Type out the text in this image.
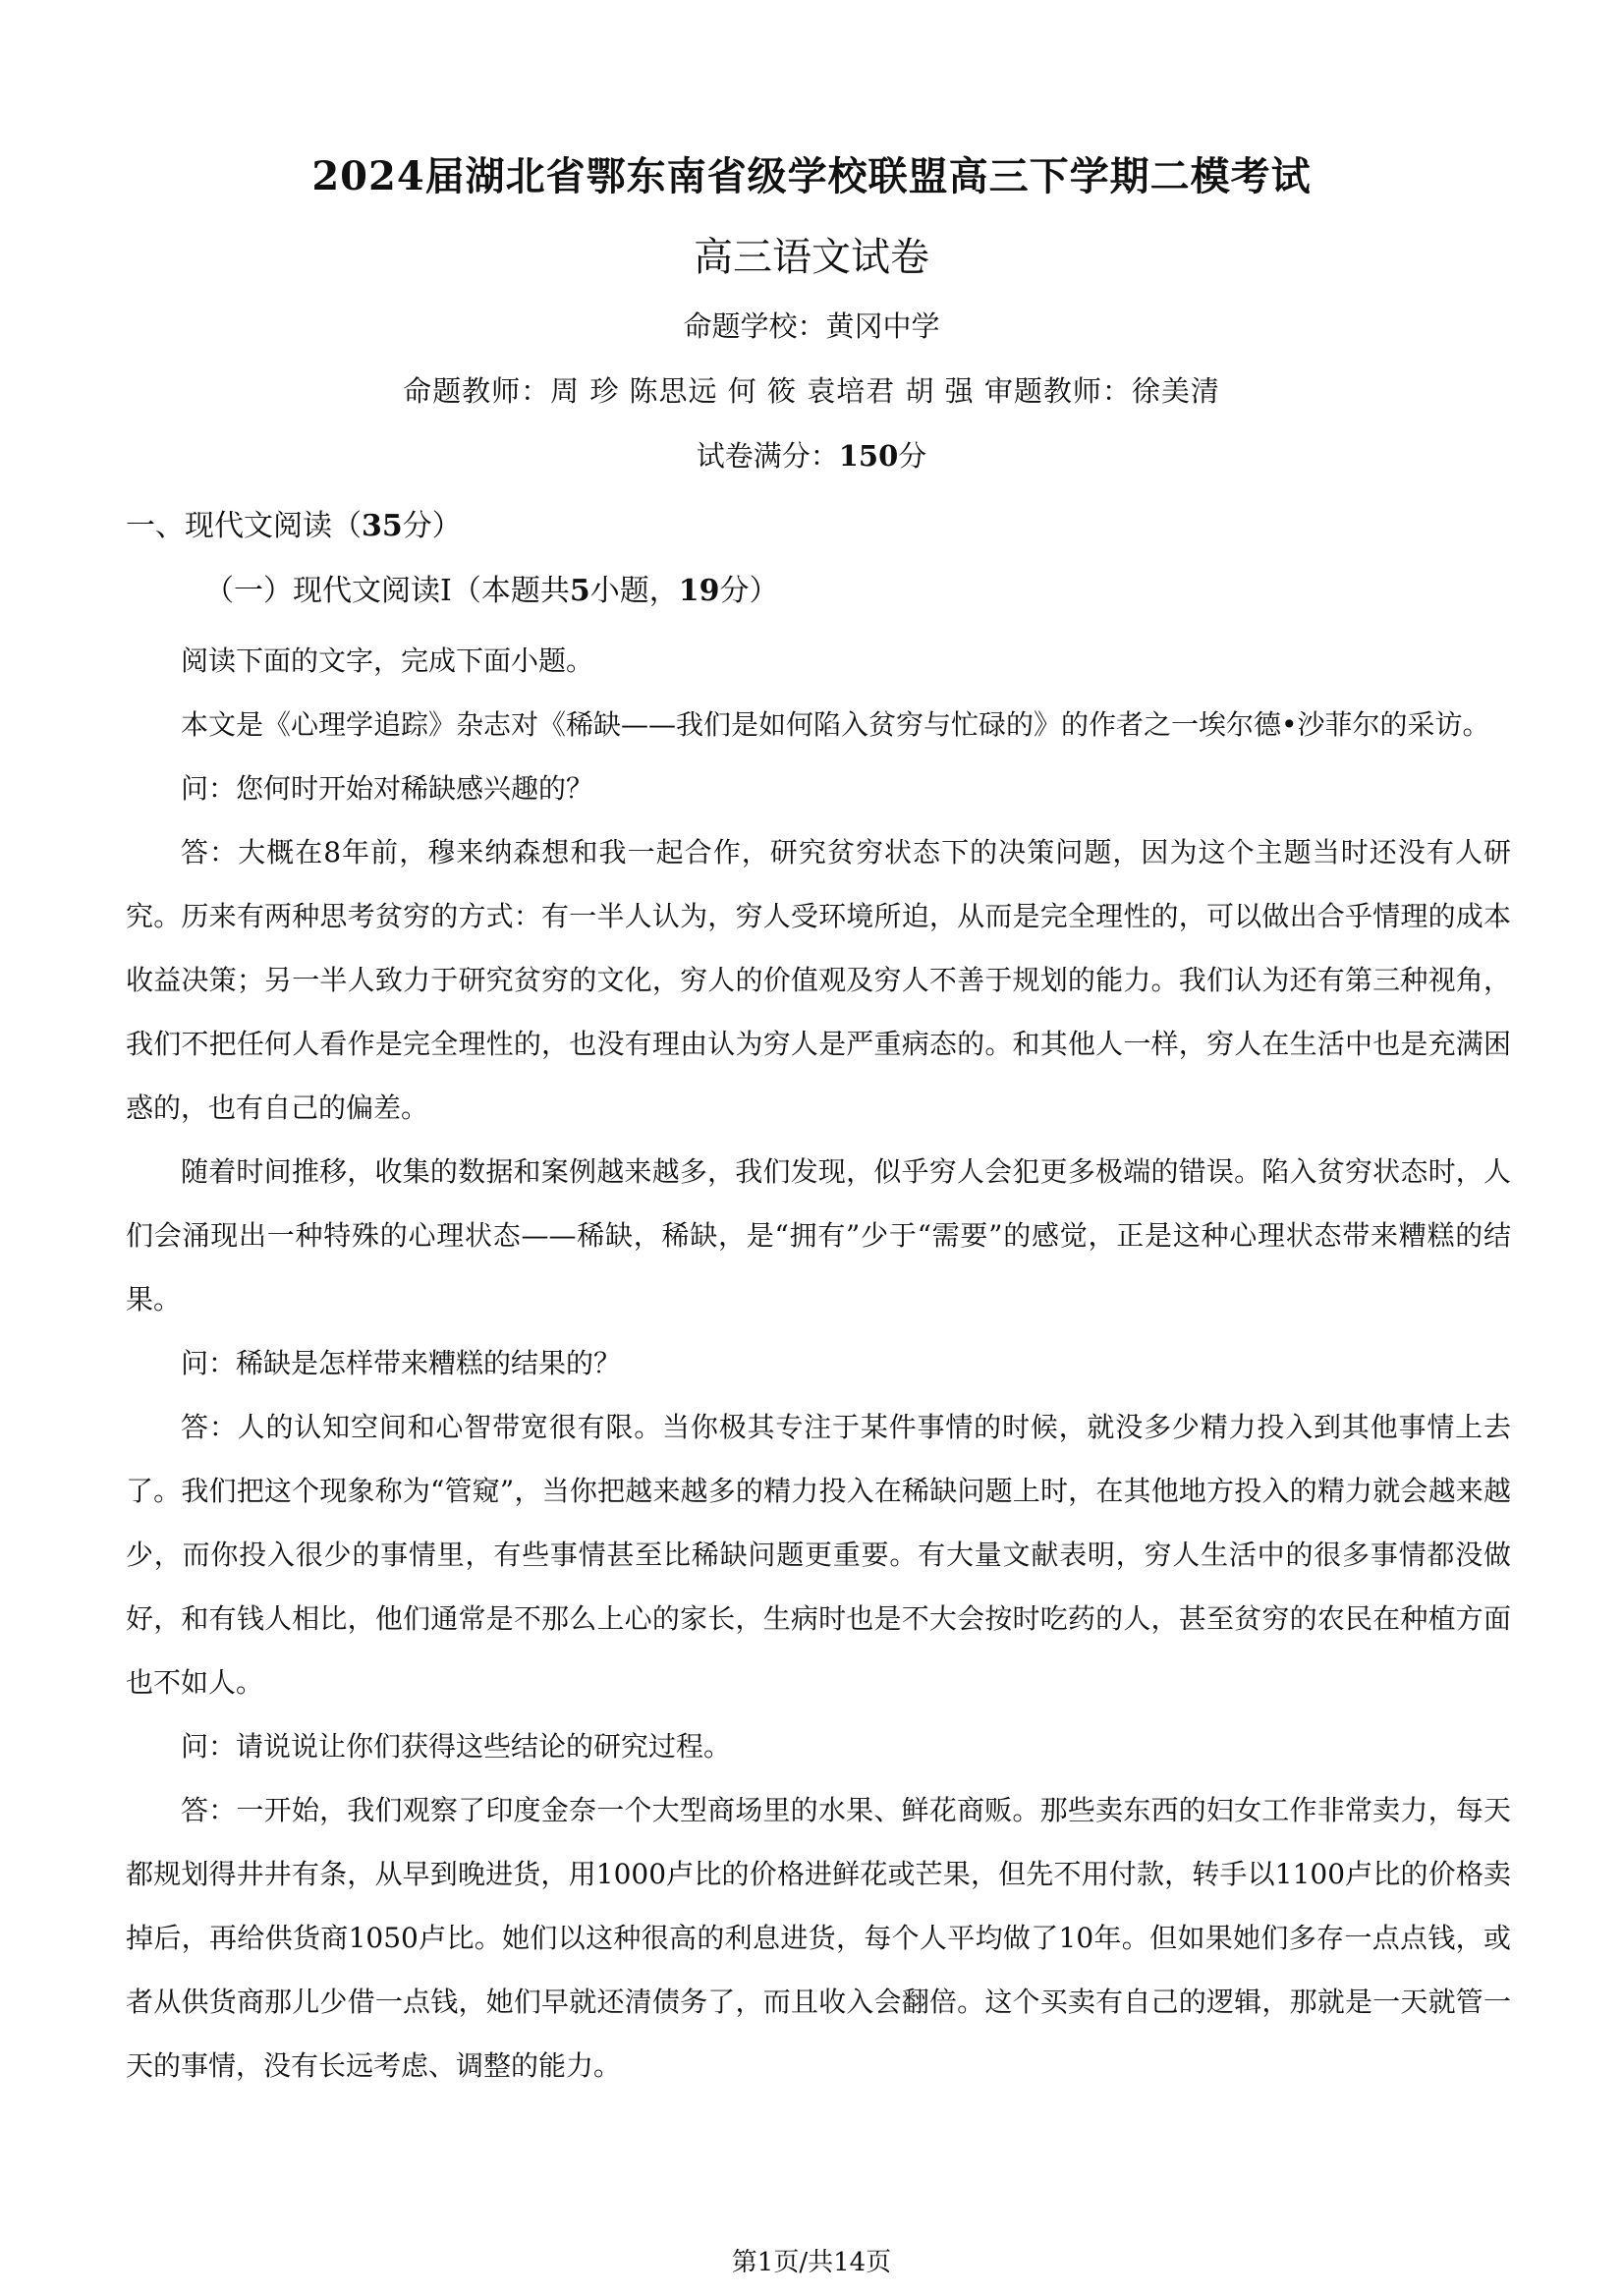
2024届湖北省鄂东南省级学校联盟高三下学期二模考试
高三语文试卷
命题学校：黄冈中学
命题教师：周 珍 陈思远 何 筱 袁培君 胡 强 审题教师：徐美清
试卷满分：150分
一、现代文阅读（35分）
（一）现代文阅读I（本题共5小题，19分）

阅读下面的文字，完成下面小题。

本文是《心理学追踪》杂志对《稀缺——我们是如何陷入贫穷与忙碌的》的作者之一埃尔德•沙菲尔的采访。

问：您何时开始对稀缺感兴趣的？

答：大概在8年前，穆来纳森想和我一起合作，研究贫穷状态下的决策问题，因为这个主题当时还没有人研究。历来有两种思考贫穷的方式：有一半人认为，穷人受环境所迫，从而是完全理性的，可以做出合乎情理的成本收益决策；另一半人致力于研究贫穷的文化，穷人的价值观及穷人不善于规划的能力。我们认为还有第三种视角，我们不把任何人看作是完全理性的，也没有理由认为穷人是严重病态的。和其他人一样，穷人在生活中也是充满困惑的，也有自己的偏差。

随着时间推移，收集的数据和案例越来越多，我们发现，似乎穷人会犯更多极端的错误。陷入贫穷状态时，人们会涌现出一种特殊的心理状态——稀缺，稀缺，是“拥有”少于“需要”的感觉，正是这种心理状态带来糟糕的结果。

问：稀缺是怎样带来糟糕的结果的？

答：人的认知空间和心智带宽很有限。当你极其专注于某件事情的时候，就没多少精力投入到其他事情上去了。我们把这个现象称为“管窥”，当你把越来越多的精力投入在稀缺问题上时，在其他地方投入的精力就会越来越少，而你投入很少的事情里，有些事情甚至比稀缺问题更重要。有大量文献表明，穷人生活中的很多事情都没做好，和有钱人相比，他们通常是不那么上心的家长，生病时也是不大会按时吃药的人，甚至贫穷的农民在种植方面也不如人。

问：请说说让你们获得这些结论的研究过程。

答：一开始，我们观察了印度金奈一个大型商场里的水果、鲜花商贩。那些卖东西的妇女工作非常卖力，每天都规划得井井有条，从早到晚进货，用1000卢比的价格进鲜花或芒果，但先不用付款，转手以1100卢比的价格卖掉后，再给供货商1050卢比。她们以这种很高的利息进货，每个人平均做了10年。但如果她们多存一点点钱，或者从供货商那儿少借一点钱，她们早就还清债务了，而且收入会翻倍。这个买卖有自己的逻辑，那就是一天就管一天的事情，没有长远考虑、调整的能力。

第1页/共14页
